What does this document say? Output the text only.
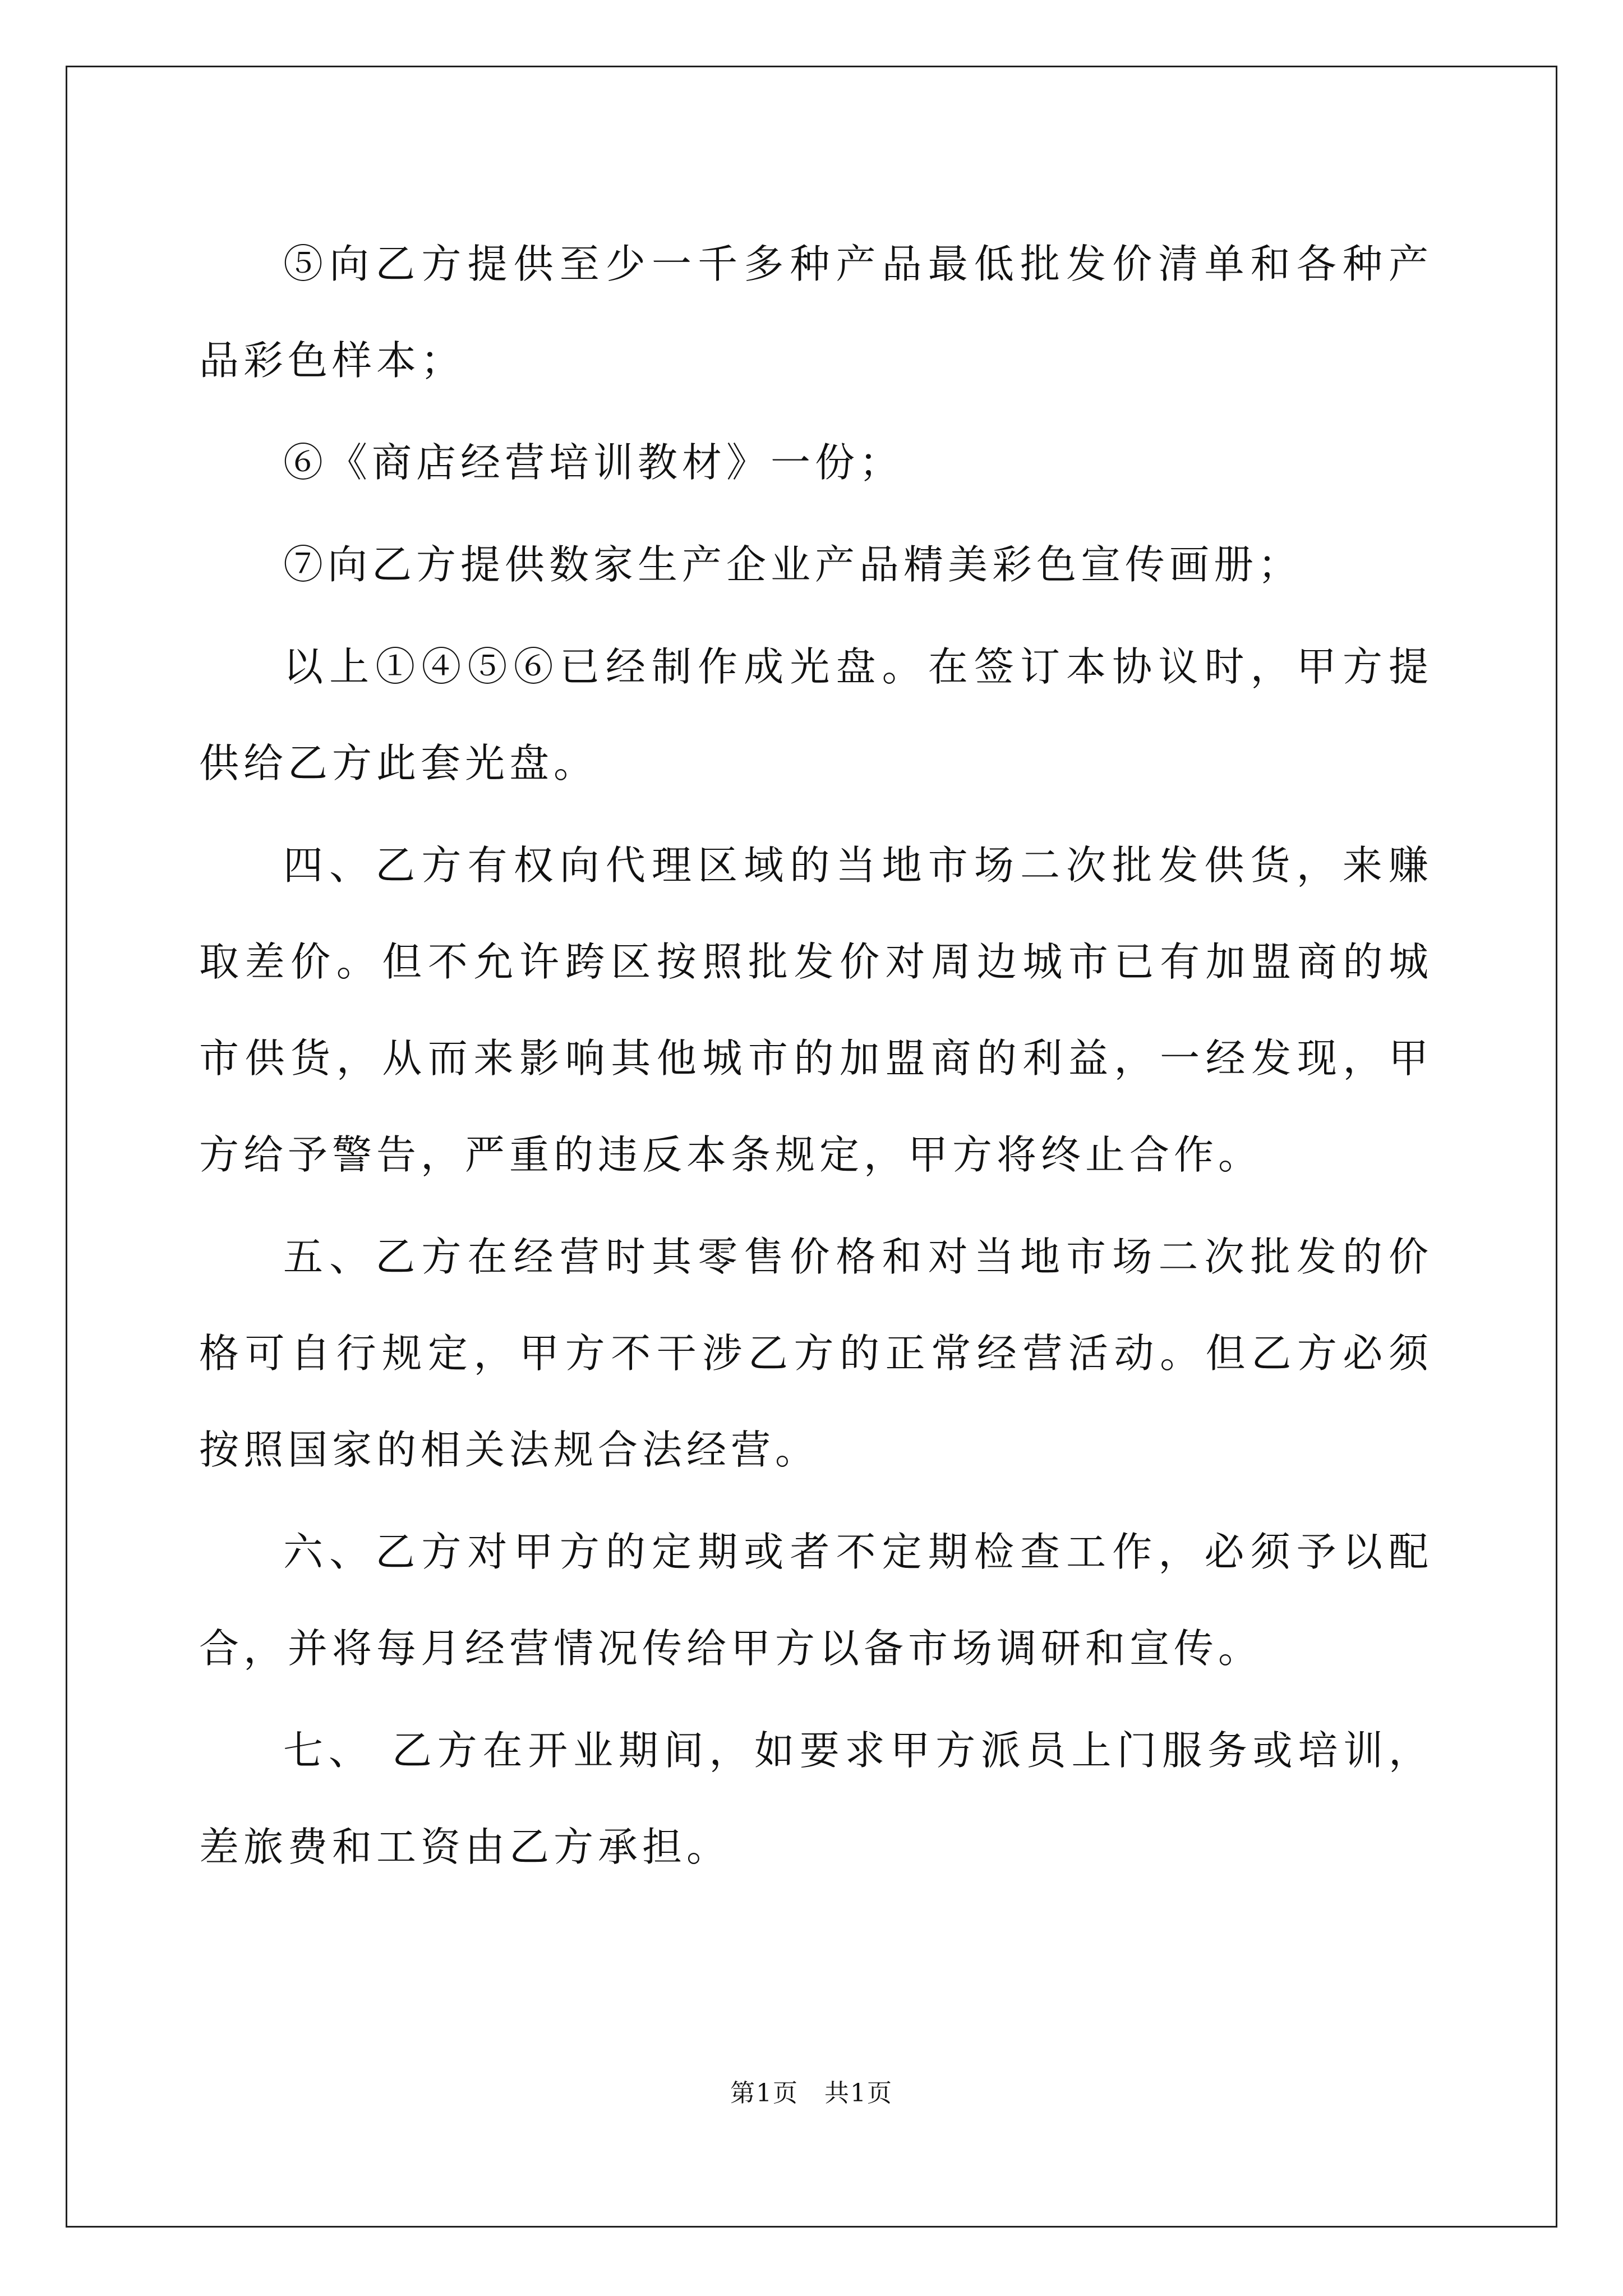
⑤向乙方提供至少一千多种产品最低批发价清单和各种产品彩色样本；

⑥《商店经营培训教材》一份；

⑦向乙方提供数家生产企业产品精美彩色宣传画册；

以上①④⑤⑥已经制作成光盘。在签订本协议时，甲方提供给乙方此套光盘。

四、乙方有权向代理区域的当地市场二次批发供货，来赚取差价。但不允许跨区按照批发价对周边城市已有加盟商的城市供货，从而来影响其他城市的加盟商的利益，一经发现，甲方给予警告，严重的违反本条规定，甲方将终止合作。

五、乙方在经营时其零售价格和对当地市场二次批发的价格可自行规定，甲方不干涉乙方的正常经营活动。但乙方必须按照国家的相关法规合法经营。

六、乙方对甲方的定期或者不定期检查工作，必须予以配合，并将每月经营情况传给甲方以备市场调研和宣传。

七、 乙方在开业期间，如要求甲方派员上门服务或培训，差旅费和工资由乙方承担。

第1页　共1页
